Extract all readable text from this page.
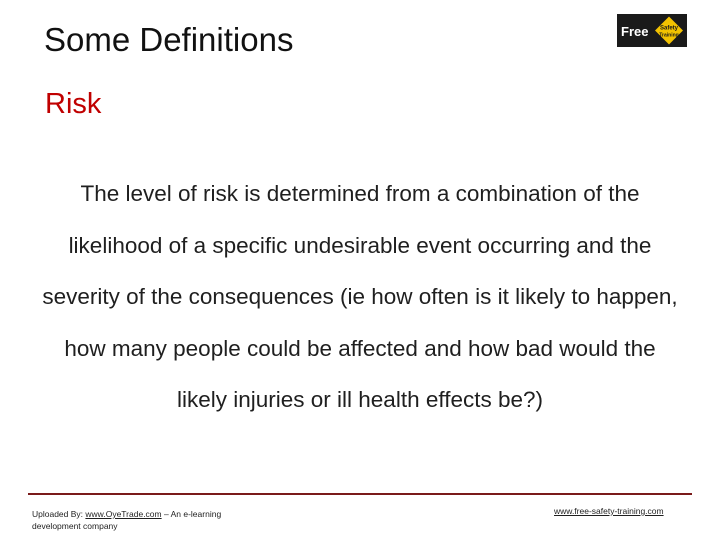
Some Definitions	Free Safety
Training
Risk
The level of risk is determined from a combination of the likelihood of a specific undesirable event occurring and the severity of the consequences (ie how often is it likely to happen, how many people could be affected and how bad would the likely injuries or ill health effects be?)
Uploaded By: www.OyeTrade.com – An e-learning development company
www.free-safety-training.com
